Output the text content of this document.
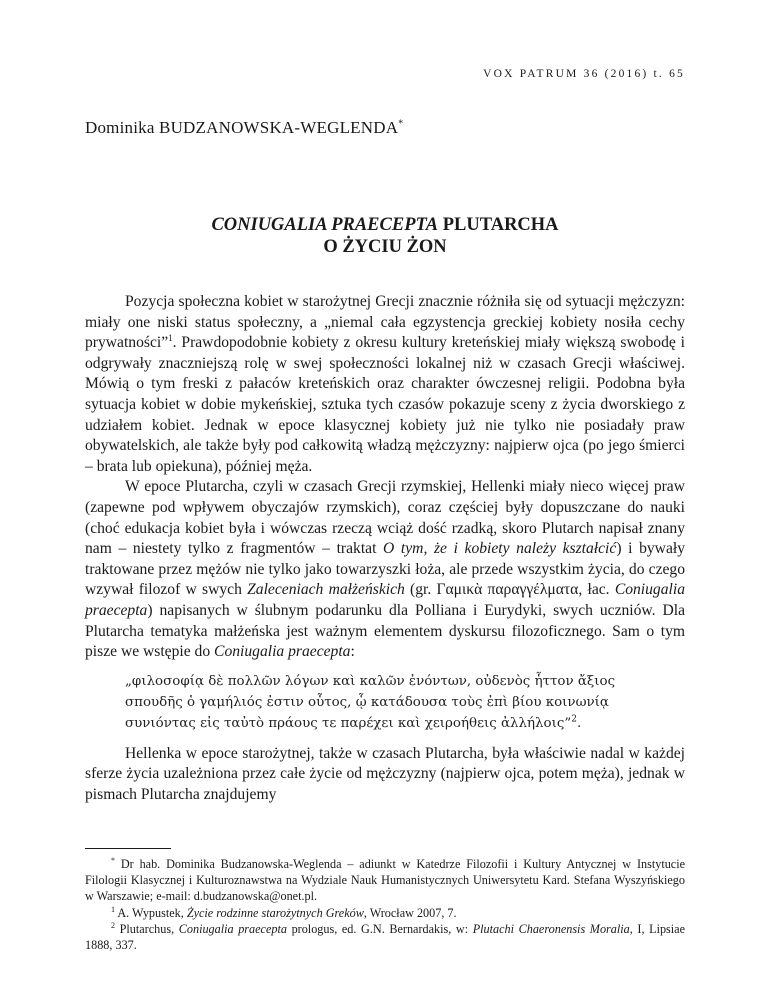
VOX PATRUM 36 (2016) t. 65
Dominika BUDZANOWSKA-WEGLENDA*
CONIUGALIA PRAECEPTA PLUTARCHA
O ŻYCIU ŻON

Pozycja społeczna kobiet w starożytnej Grecji znacznie różniła się od sytuacji mężczyzn: miały one niski status społeczny, a „niemal cała egzystencja greckiej kobiety nosiła cechy prywatności”$^1$. Prawdopodobnie kobiety z okresu kultury kreteńskiej miały większą swobodę i odgrywały znaczniejszą rolę w swej społeczności lokalnej niż w czasach Grecji właściwej. Mówią o tym freski z pałaców kreteńskich oraz charakter ówczesnej religii. Podobna była sytuacja kobiet w dobie mykeńskiej, sztuka tych czasów pokazuje sceny z życia dworskiego z udziałem kobiet. Jednak w epoce klasycznej kobiety już nie tylko nie posiadały praw obywatelskich, ale także były pod całkowitą władzą mężczyzny: najpierw ojca (po jego śmierci – brata lub opiekuna), później męża.

W epoce Plutarcha, czyli w czasach Grecji rzymskiej, Hellenki miały nieco więcej praw (zapewne pod wpływem obyczajów rzymskich), coraz częściej były dopuszczane do nauki (choć edukacja kobiet była i wówczas rzeczą wciąż dość rzadką, skoro Plutarch napisał znany nam – niestety tylko z fragmentów – traktat O tym, że i kobiety należy kształcić) i bywały traktowane przez mężów nie tylko jako towarzyszki łoża, ale przede wszystkim życia, do czego wzywał filozof w swych Zaleceniach małżeńskich (gr. Γαμικὰ παραγγέλματα, łac. Coniugalia praecepta) napisanych w ślubnym podarunku dla Polliana i Eurydyki, swych uczniów. Dla Plutarcha tematyka małżeńska jest ważnym elementem dyskursu filozoficznego. Sam o tym pisze we wstępie do Coniugalia praecepta:

„φιλοσοφίᾳ δὲ πολλῶν λόγων καὶ καλῶν ἐνόντων, οὐδενὸς ἧττον ἄξιος
σπουδῆς ὁ γαμήλιός ἐστιν οὗτος, ᾧ κατάδουσα τοὺς ἐπὶ βίου κοινωνίᾳ
συνιόντας εἰς ταὐτὸ πράους τε παρέχει καὶ χειροήθεις ἀλλήλοις”$^2$.

Hellenka w epoce starożytnej, także w czasach Plutarcha, była właściwie nadal w każdej sferze życia uzależniona przez całe życie od mężczyzny (najpierw ojca, potem męża), jednak w pismach Plutarcha znajdujemy

* Dr hab. Dominika Budzanowska-Weglenda – adiunkt w Katedrze Filozofii i Kultury Antycznej w Instytucie Filologii Klasycznej i Kulturoznawstwa na Wydziale Nauk Humanistycznych Uniwersytetu Kard. Stefana Wyszyńskiego w Warszawie; e-mail: d.budzanowska@onet.pl.

$^1$ A. Wypustek, Życie rodzinne starożytnych Greków, Wrocław 2007, 7.

$^2$ Plutarchus, Coniugalia praecepta prologus, ed. G.N. Bernardakis, w: Plutachi Chaeronensis Moralia, I, Lipsiae 1888, 337.
